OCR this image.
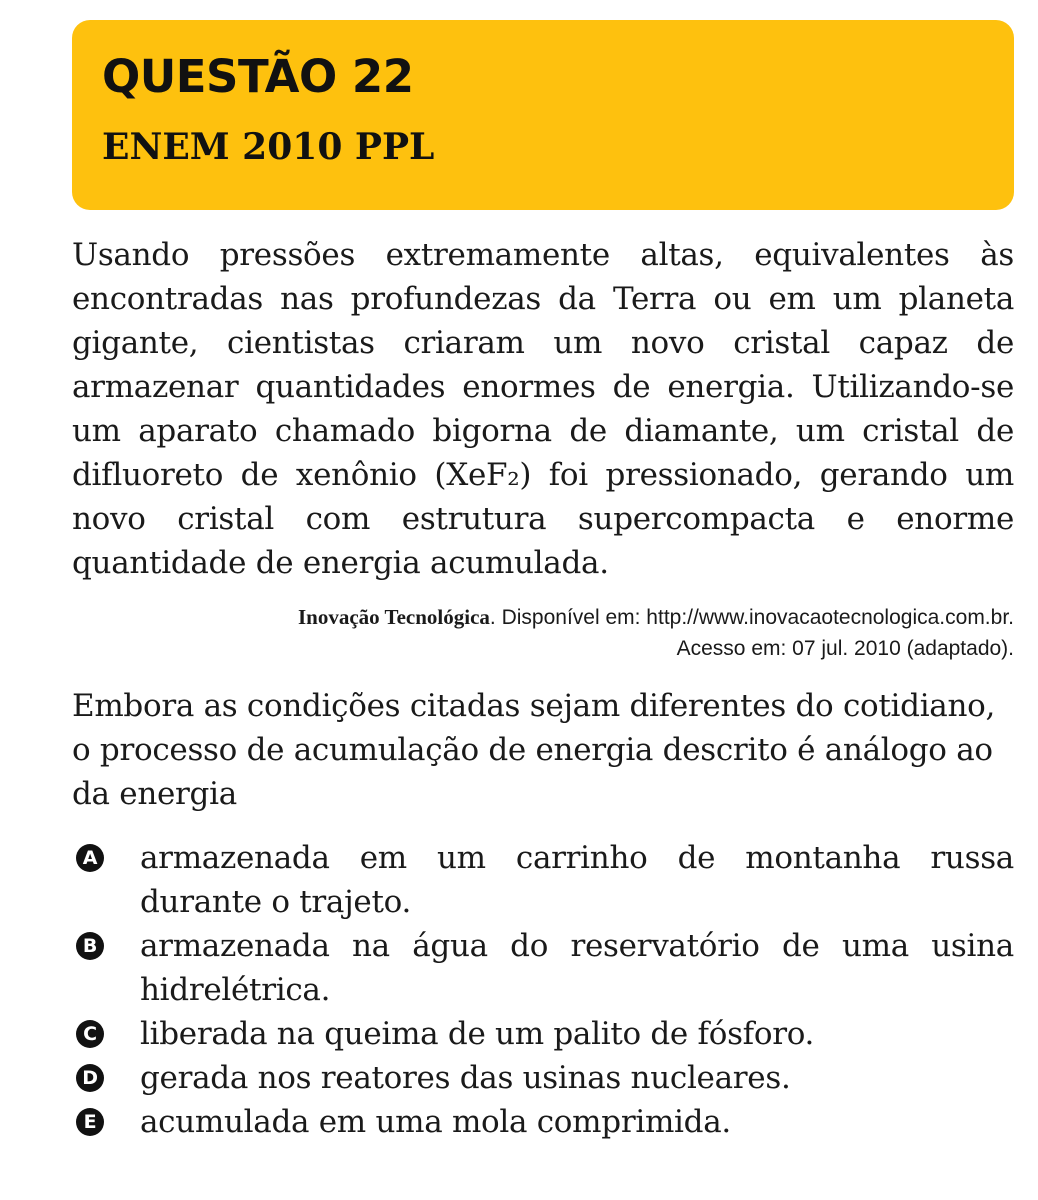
QUESTÃO 22
ENEM 2010 PPL

Usando pressões extremamente altas, equivalentes às encontradas nas profundezas da Terra ou em um planeta gigante, cientistas criaram um novo cristal capaz de armazenar quantidades enormes de energia. Utilizando-se um aparato chamado bigorna de diamante, um cristal de difluoreto de xenônio (XeF₂) foi pressionado, gerando um novo cristal com estrutura supercompacta e enorme quantidade de energia acumulada.

Inovação Tecnológica. Disponível em: http://www.inovacaotecnologica.com.br.
Acesso em: 07 jul. 2010 (adaptado).

Embora as condições citadas sejam diferentes do cotidiano, o processo de acumulação de energia descrito é análogo ao da energia

A armazenada em um carrinho de montanha russa durante o trajeto.
B armazenada na água do reservatório de uma usina hidrelétrica.
C liberada na queima de um palito de fósforo.
D gerada nos reatores das usinas nucleares.
E acumulada em uma mola comprimida.
